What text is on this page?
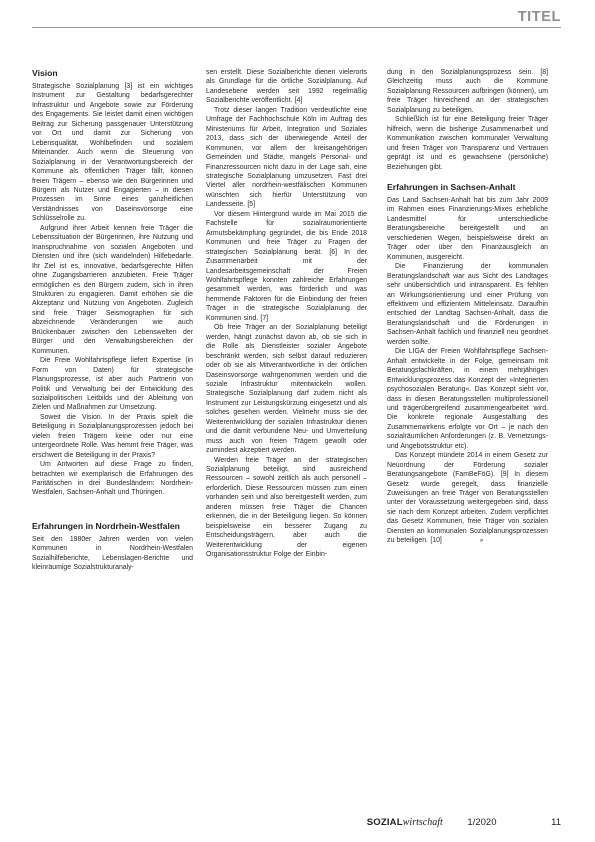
TITEL
Vision

Strategische Sozialplanung [3] ist ein wichtiges Instrument zur Gestaltung bedarfsgerechter Infrastruktur und Angebote sowie zur Förderung des Engagements. Sie leistet damit einen wichtigen Beitrag zur Sicherung passgenauer Unterstützung vor Ort und damit zur Sicherung von Lebensqualität, Wohlbefinden und sozialem Miteinander. Auch wenn die Steuerung von Sozialplanung in der Verantwortungsbereich der Kommune als öffentlichen Träger fällt, können freien Trägern – ebenso wie den Bürgerinnen und Bürgern als Nutzer und Engagierten – in diesen Prozessen im Sinne eines ganzheitlichen Verständnisses von Daseinsvorsorge eine Schlüsselrolle zu.

Aufgrund ihrer Arbeit kennen freie Träger die Lebenssituation der Bürgerinnen, ihre Nutzung und Inanspruchnahme von sozialen Angeboten und Diensten und ihre (sich wandelnden) Hilfebedarfe. Ihr Ziel ist es, innovative, bedarfsgerechte Hilfen ohne Zugangsbarrieren anzubieten. Freie Träger ermöglichen es den Bürgern zudem, sich in ihren Strukturen zu engagieren. Damit erhöhen sie die Akzeptanz und Nutzung von Angeboten. Zugleich sind freie Träger Seismographen für sich abzeichnende Veränderungen wie auch Brückenbauer zwischen den Lebenswelten der Bürger und den Verwaltungsbereichen der Kommunen.

Die Freie Wohlfahrtspflege liefert Expertise (in Form von Daten) für strategische Planungsprozesse, ist aber auch Partnerin von Politik und Verwaltung bei der Entwicklung des sozialpolitischen Leitbilds und der Ableitung von Zielen und Maßnahmen zur Umsetzung.

Soweit die Vision. In der Praxis spielt die Beteiligung in Sozialplanungsprozessen jedoch bei vielen freien Trägern keine oder nur eine untergeordnete Rolle. Was hemmt freie Träger, was erschwert die Beteiligung in der Praxis?

Um Antworten auf diese Frage zu finden, betrachten wir exemplarisch die Erfahrungen des Paritätischen in drei Bundesländern: Nordrhein-Westfalen, Sachsen-Anhalt und Thüringen.

Erfahrungen in Nordrhein-Westfalen

Seit den 1980er Jahren werden von vielen Kommunen in Nordrhein-Westfalen Sozialhilfeberichte, Lebenslagen-Berichte und kleinräumige Sozialstrukturanaly-

sen erstellt. Diese Sozialberichte dienen vielerorts als Grundlage für die örtliche Sozialplanung. Auf Landesebene werden seit 1992 regelmäßig Sozialberichte veröffentlicht. [4]

Trotz dieser langen Tradition verdeutlichte eine Umfrage der Fachhochschule Köln im Auftrag des Ministeriums für Arbeit, Integration und Soziales 2013, dass sich der überwiegende Anteil der Kommunen, vor allem der kreisangehörigen Gemeinden und Städte, mangels Personal- und Finanzressourcen nicht dazu in der Lage sah, eine strategische Sozialplanung umzusetzen. Fast drei Viertel aller nordrhein-westfälischen Kommunen wünschten sich hierfür Unterstützung von Landesseite. [5]

Vor diesem Hintergrund wurde im Mai 2015 die Fachstelle für sozialraumorientierte Armutsbekämpfung gegründet, die bis Ende 2018 Kommunen und freie Träger zu Fragen der strategischen Sozialplanung berät. [6] In der Zusammenarbeit mit der Landesarbeitsgemeinschaft der Freien Wohlfahrtspflege konnten zahlreiche Erfahrungen gesammelt werden, was förderlich und was hemmende Faktoren für die Einbindung der freien Träger in die strategische Sozialplanung der Kommunen sind. [7]

Ob freie Träger an der Sozialplanung beteiligt werden, hängt zunächst davon ab, ob sie sich in die Rolle als Dienstleister sozialer Angebote beschränkt werden, sich selbst darauf reduzieren oder ob sie als Mitverantwortliche in der örtlichen Daseinsvorsorge wahrgenommen werden und die soziale Infrastruktur mitentwickeln wollen. Strategische Sozialplanung darf zudem nicht als Instrument zur Leistungskürzung eingesetzt und als solches gesehen werden. Vielmehr muss sie der Weiterentwicklung der sozialen Infrastruktur dienen und die damit verbundene Neu- und Umverteilung muss auch von freien Trägern gewollt oder zumindest akzeptiert werden.

Werden freie Träger an der strategischen Sozialplanung beteiligt, sind ausreichend Ressourcen – sowohl zeitlich als auch personell – erforderlich. Diese Ressourcen müssen zum einen vorhanden sein und also bereitgestellt werden, zum anderen müssen freie Träger die Chancen erkennen, die in der Beteiligung liegen. So können beispielsweise ein besserer Zugang zu Entscheidungsträgern, aber auch die Weiterentwicklung der eigenen Organisationsstruktur Folge der Einbin-

dung in den Sozialplanungsprozess sein. [8] Gleichzeitig muss auch die Kommune Sozialplanung Ressourcen aufbringen (können), um freie Träger hinreichend an der strategischen Sozialplanung zu beteiligen.

Schließlich ist für eine Beteiligung freier Träger hilfreich, wenn die bisherige Zusammenarbeit und Kommunikation zwischen kommunaler Verwaltung und freien Träger von Transparenz und Vertrauen geprägt ist und es gewachsene (persönliche) Beziehungen gibt.

Erfahrungen in Sachsen-Anhalt

Das Land Sachsen-Anhalt hat bis zum Jahr 2009 im Rahmen eines Finanzierungs-Mixes erhebliche Landesmittel für unterschiedliche Beratungsbereiche bereitgestellt und an verschiedenen Wegen, beispielsweise direkt an Träger oder über den Finanzausgleich an Kommunen, ausgereicht.

Die Finanzierung der kommunalen Beratungslandschaft war aus Sicht des Landtages sehr unübersichtlich und intransparent. Es fehlten an Wirkungsorientierung und einer Prüfung von effektivem und effizientem Mitteleinsatz. Daraufhin entschied der Landtag Sachsen-Anhalt, dass die Beratungslandschaft und die Förderungen in Sachsen-Anhalt fachlich und finanziell neu geordnet werden sollte.

Die LIGA der Freien Wohlfahrtspflege Sachsen-Anhalt entwickelte in der Folge, gemeinsam mit Beratungsfachkräften, in einem mehrjährigen Entwicklungsprozess das Konzept der »Integrierten psychosozialen Beratung«. Das Konzept sieht vor, dass in diesen Beratungsstellen multiprofessionell und trägerübergreifend zusammengearbeitet wird. Die konkrete regionale Ausgestaltung des Zusammenwirkens erfolgte vor Ort – je nach den sozialräumlichen Anforderungen (z. B. Vernetzungs- und Angebotsstruktur etc).

Das Konzept mündete 2014 in einem Gesetz zur Neuordnung der Förderung sozialer Beratungsangebote (FamBeFöG). [9] In diesem Gesetz wurde geregelt, dass finanzielle Zuweisungen an freie Träger von Beratungsstellen unter der Voraussetzung weitergegeben sind, dass sie nach dem Konzept arbeiten. Zudem verpflichtet das Gesetz Kommunen, freie Träger von sozialen Diensten an kommunalen Sozialplanungsprozessen zu beteiligen. [10]	»

SOZIALwirtschaft	1/2020	11
